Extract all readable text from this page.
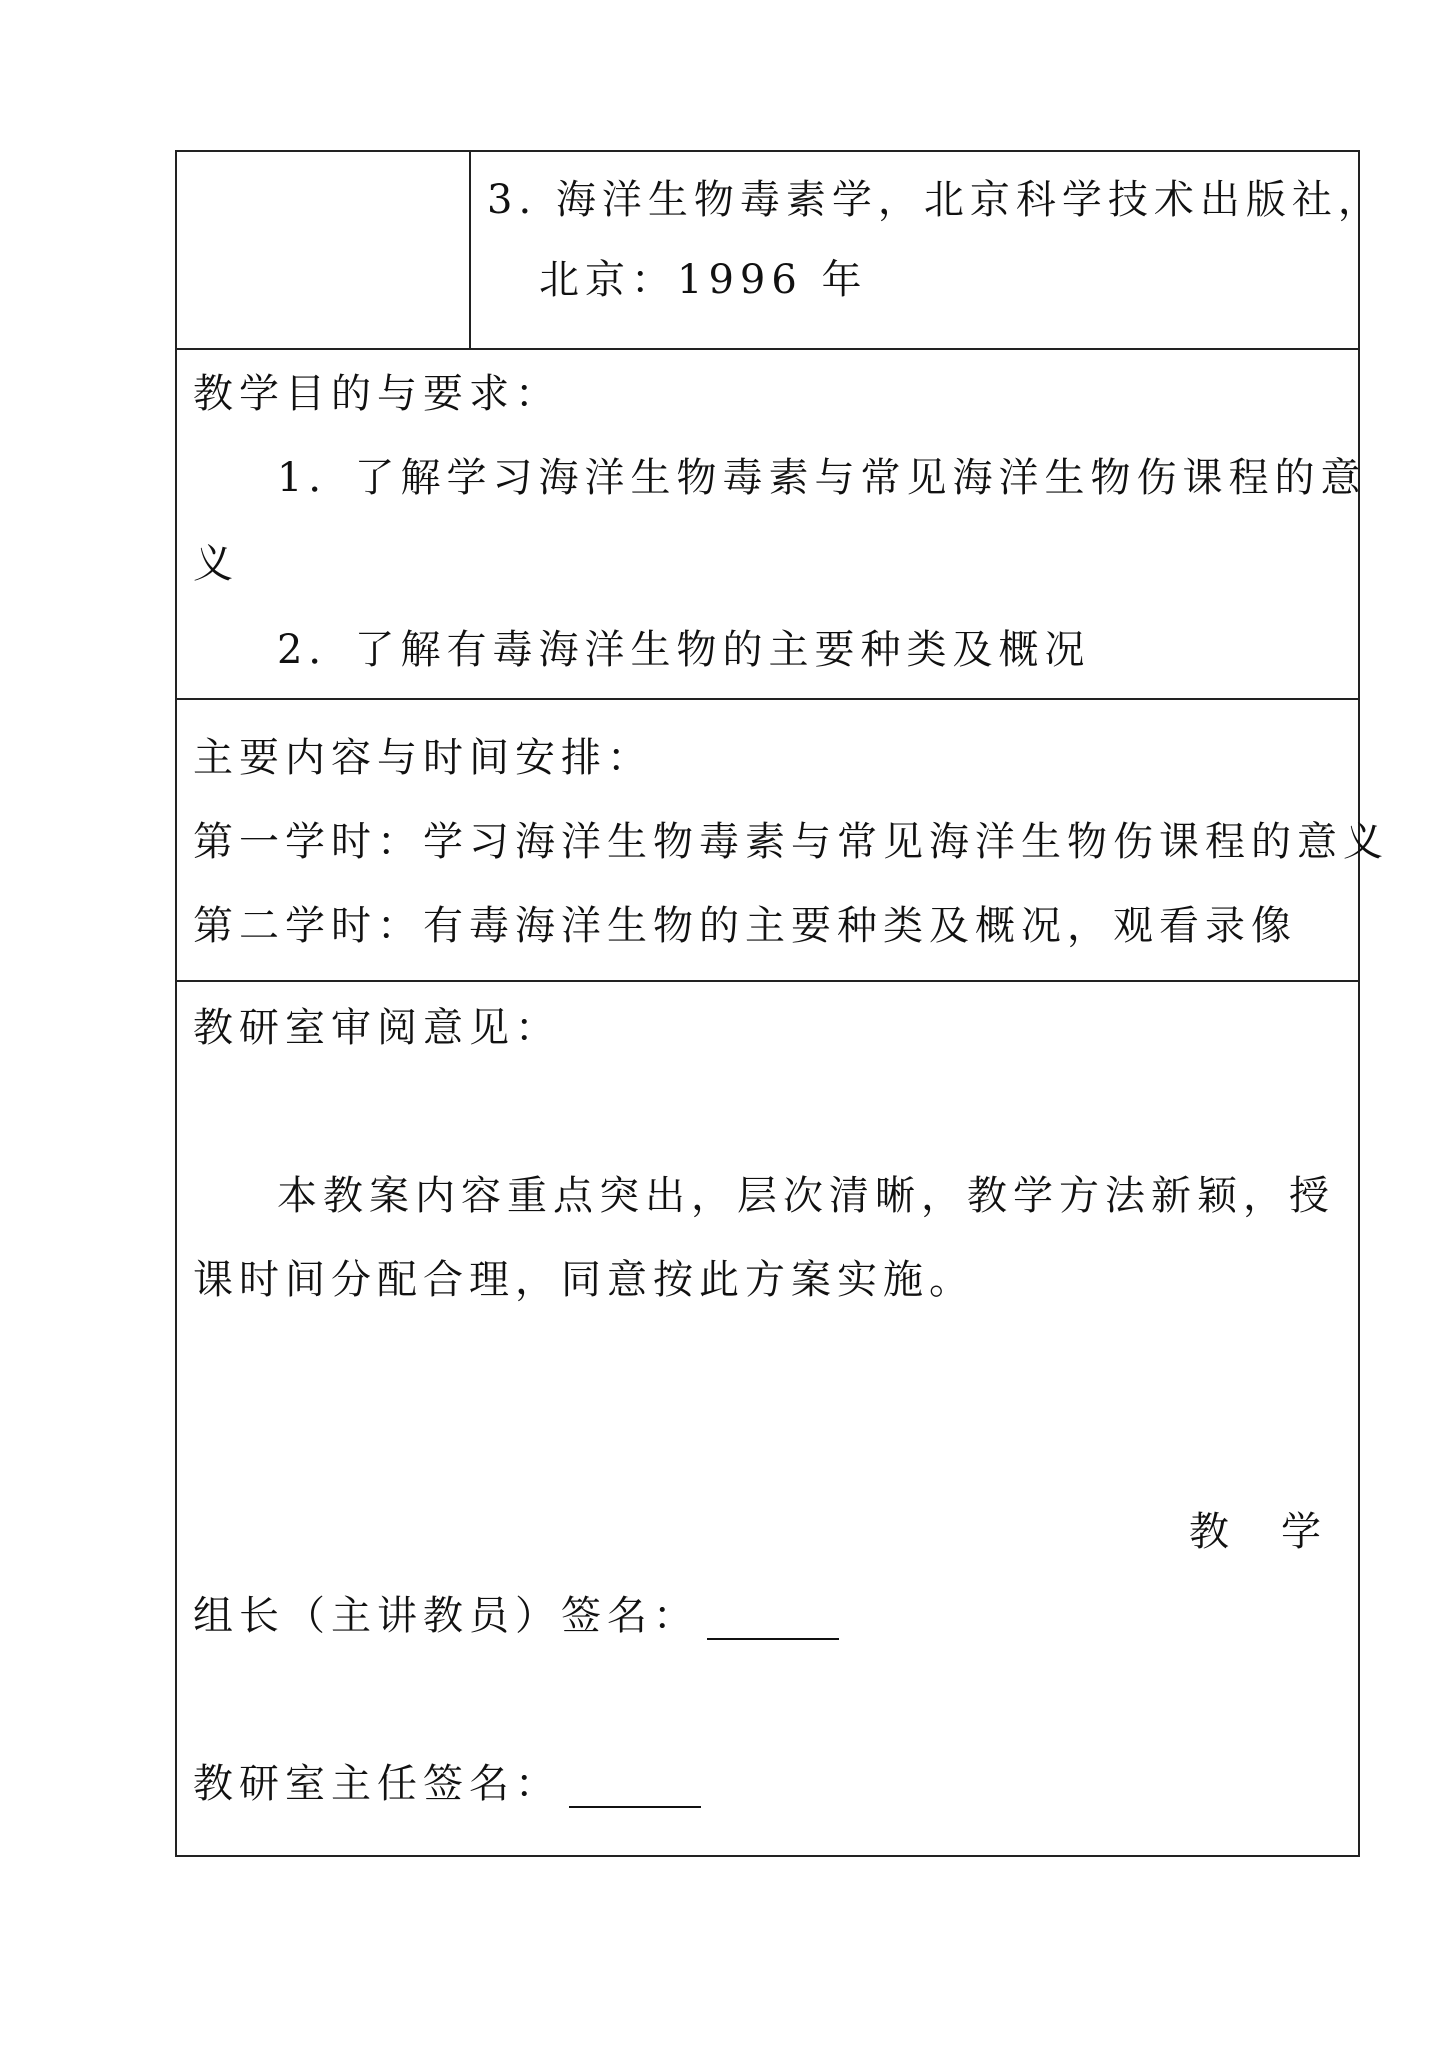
3. 海洋生物毒素学，北京科学技术出版社，
北京：1996 年
教学目的与要求：
1．了解学习海洋生物毒素与常见海洋生物伤课程的意
义
2．了解有毒海洋生物的主要种类及概况
主要内容与时间安排：
第一学时：学习海洋生物毒素与常见海洋生物伤课程的意义
第二学时：有毒海洋生物的主要种类及概况，观看录像
教研室审阅意见：
本教案内容重点突出，层次清晰，教学方法新颖，授
课时间分配合理，同意按此方案实施。
教　学
组长（主讲教员）签名：
教研室主任签名：
